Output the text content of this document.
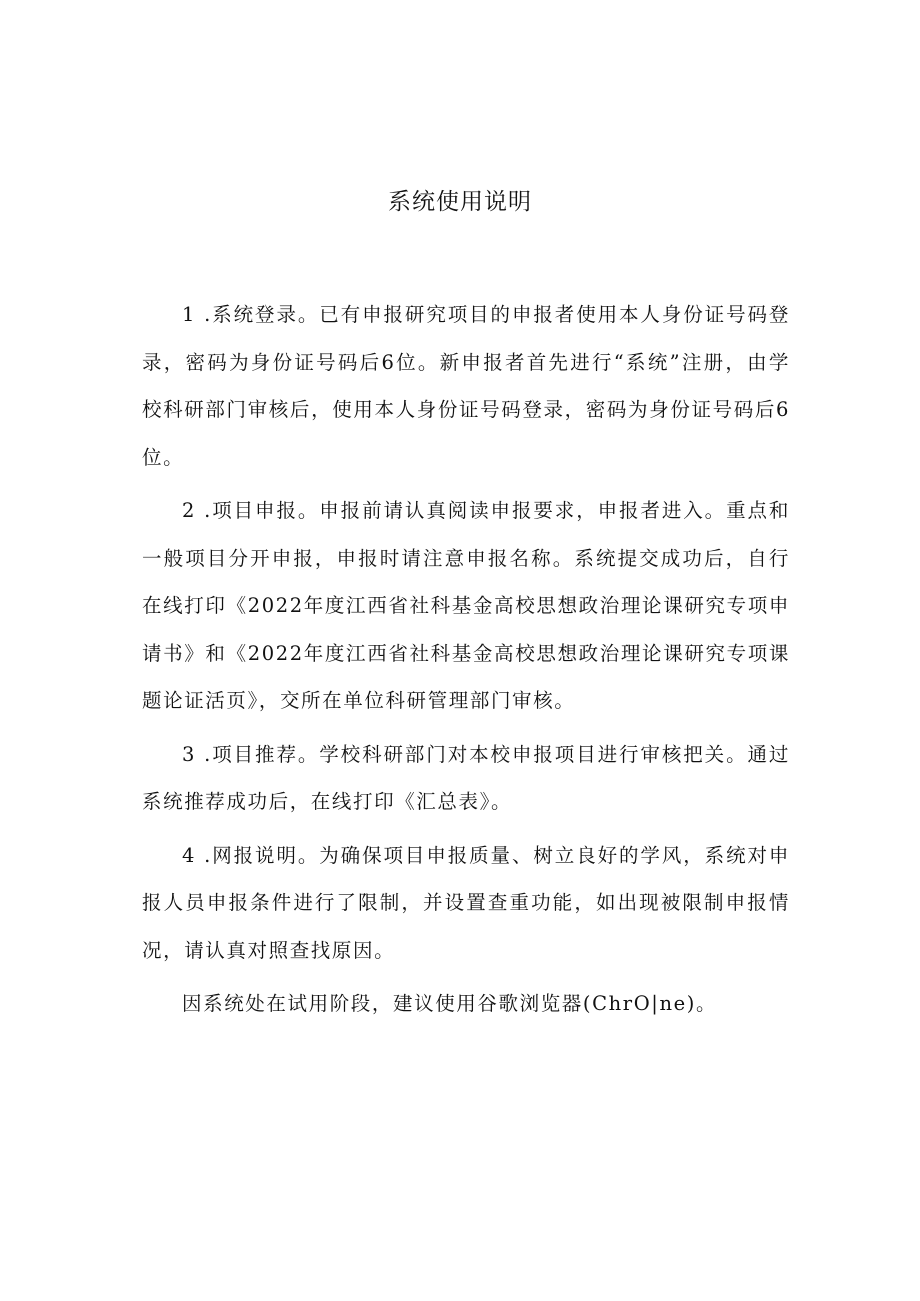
系统使用说明

1 .系统登录。已有申报研究项目的申报者使用本人身份证号码登录，密码为身份证号码后6位。新申报者首先进行“系统”注册，由学校科研部门审核后，使用本人身份证号码登录，密码为身份证号码后6位。

2 .项目申报。申报前请认真阅读申报要求，申报者进入。重点和一般项目分开申报，申报时请注意申报名称。系统提交成功后，自行在线打印《2022年度江西省社科基金高校思想政治理论课研究专项申请书》和《2022年度江西省社科基金高校思想政治理论课研究专项课题论证活页》，交所在单位科研管理部门审核。

3 .项目推荐。学校科研部门对本校申报项目进行审核把关。通过系统推荐成功后，在线打印《汇总表》。

4 .网报说明。为确保项目申报质量、树立良好的学风，系统对申报人员申报条件进行了限制，并设置查重功能，如出现被限制申报情况，请认真对照查找原因。

因系统处在试用阶段，建议使用谷歌浏览器(ChrO|ne)。
